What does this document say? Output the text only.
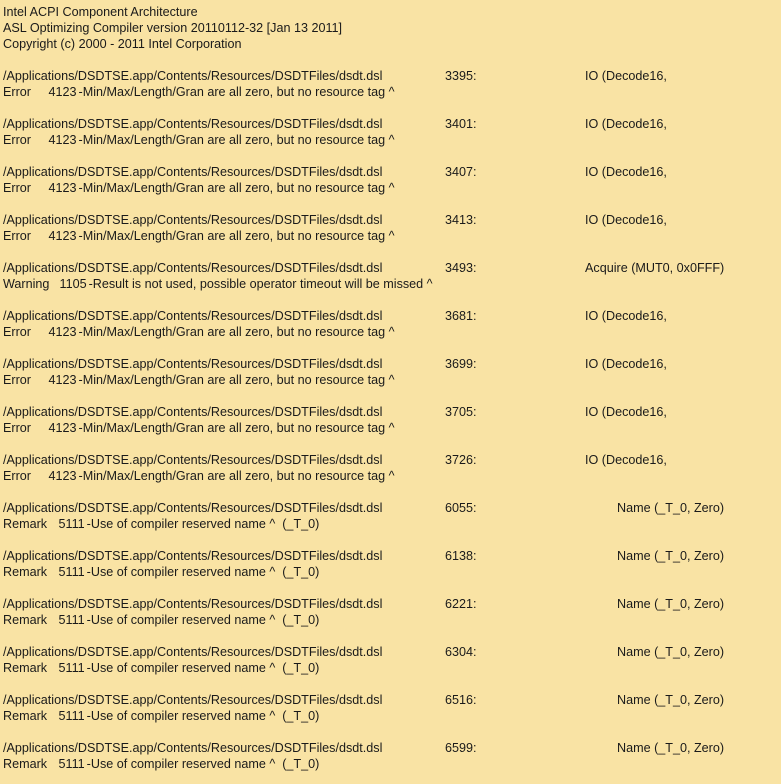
Intel ACPI Component Architecture
ASL Optimizing Compiler version 20110112-32 [Jan 13 2011]
Copyright (c) 2000 - 2011 Intel Corporation
/Applications/DSDTSE.app/Contents/Resources/DSDTFiles/dsdt.dsl	3395:	IO (Decode16,
Error 4123 -Min/Max/Length/Gran are all zero, but no resource tag ^
/Applications/DSDTSE.app/Contents/Resources/DSDTFiles/dsdt.dsl	3401:	IO (Decode16,
Error 4123 -Min/Max/Length/Gran are all zero, but no resource tag ^
/Applications/DSDTSE.app/Contents/Resources/DSDTFiles/dsdt.dsl	3407:	IO (Decode16,
Error 4123 -Min/Max/Length/Gran are all zero, but no resource tag ^
/Applications/DSDTSE.app/Contents/Resources/DSDTFiles/dsdt.dsl	3413:	IO (Decode16,
Error 4123 -Min/Max/Length/Gran are all zero, but no resource tag ^
/Applications/DSDTSE.app/Contents/Resources/DSDTFiles/dsdt.dsl	3493:	Acquire (MUT0, 0x0FFF)
Warning 1105 -Result is not used, possible operator timeout will be missed ^
/Applications/DSDTSE.app/Contents/Resources/DSDTFiles/dsdt.dsl	3681:	IO (Decode16,
Error 4123 -Min/Max/Length/Gran are all zero, but no resource tag ^
/Applications/DSDTSE.app/Contents/Resources/DSDTFiles/dsdt.dsl	3699:	IO (Decode16,
Error 4123 -Min/Max/Length/Gran are all zero, but no resource tag ^
/Applications/DSDTSE.app/Contents/Resources/DSDTFiles/dsdt.dsl	3705:	IO (Decode16,
Error 4123 -Min/Max/Length/Gran are all zero, but no resource tag ^
/Applications/DSDTSE.app/Contents/Resources/DSDTFiles/dsdt.dsl	3726:	IO (Decode16,
Error 4123 -Min/Max/Length/Gran are all zero, but no resource tag ^
/Applications/DSDTSE.app/Contents/Resources/DSDTFiles/dsdt.dsl	6055:	Name (_T_0, Zero)
Remark 5111 -Use of compiler reserved name ^  (_T_0)
/Applications/DSDTSE.app/Contents/Resources/DSDTFiles/dsdt.dsl	6138:	Name (_T_0, Zero)
Remark 5111 -Use of compiler reserved name ^  (_T_0)
/Applications/DSDTSE.app/Contents/Resources/DSDTFiles/dsdt.dsl	6221:	Name (_T_0, Zero)
Remark 5111 -Use of compiler reserved name ^  (_T_0)
/Applications/DSDTSE.app/Contents/Resources/DSDTFiles/dsdt.dsl	6304:	Name (_T_0, Zero)
Remark 5111 -Use of compiler reserved name ^  (_T_0)
/Applications/DSDTSE.app/Contents/Resources/DSDTFiles/dsdt.dsl	6516:	Name (_T_0, Zero)
Remark 5111 -Use of compiler reserved name ^  (_T_0)
/Applications/DSDTSE.app/Contents/Resources/DSDTFiles/dsdt.dsl	6599:	Name (_T_0, Zero)
Remark 5111 -Use of compiler reserved name ^  (_T_0)
